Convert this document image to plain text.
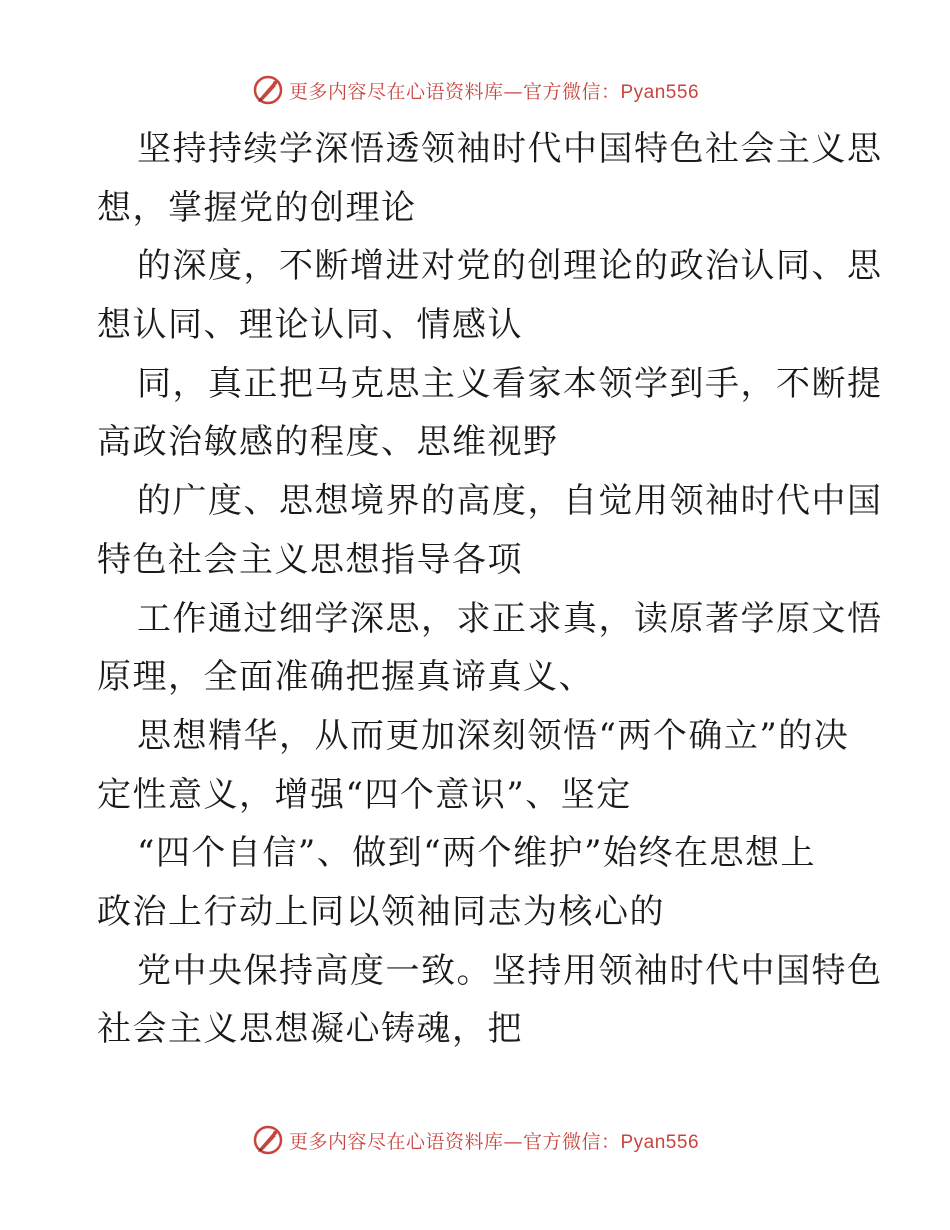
更多内容尽在心语资料库—官方微信：Pyan556
坚持持续学深悟透领袖时代中国特色社会主义思
想，掌握党的创理论
的深度，不断增进对党的创理论的政治认同、思
想认同、理论认同、情感认
同，真正把马克思主义看家本领学到手，不断提
高政治敏感的程度、思维视野
的广度、思想境界的高度，自觉用领袖时代中国
特色社会主义思想指导各项
工作通过细学深思，求正求真，读原著学原文悟
原理，全面准确把握真谛真义、
思想精华，从而更加深刻领悟“两个确立”的决
定性意义，增强“四个意识”、坚定
“四个自信”、做到“两个维护”始终在思想上
政治上行动上同以领袖同志为核心的
党中央保持高度一致。坚持用领袖时代中国特色
社会主义思想凝心铸魂，把
更多内容尽在心语资料库—官方微信：Pyan556
